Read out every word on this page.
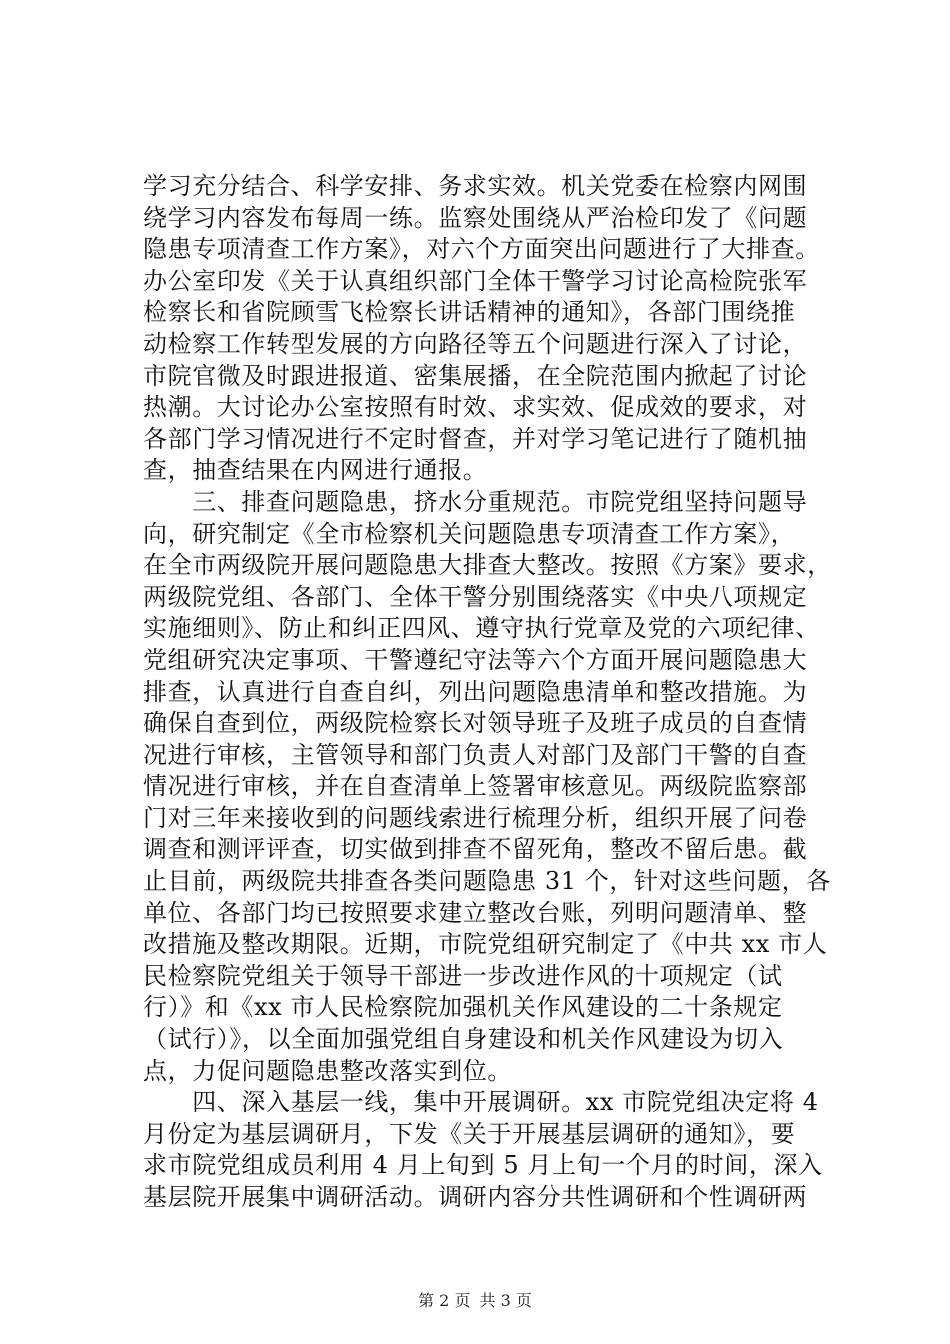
学习充分结合、科学安排、务求实效。机关党委在检察内网围
绕学习内容发布每周一练。监察处围绕从严治检印发了《问题
隐患专项清查工作方案》，对六个方面突出问题进行了大排查。
办公室印发《关于认真组织部门全体干警学习讨论高检院张军
检察长和省院顾雪飞检察长讲话精神的通知》，各部门围绕推
动检察工作转型发展的方向路径等五个问题进行深入了讨论，
市院官微及时跟进报道、密集展播，在全院范围内掀起了讨论
热潮。大讨论办公室按照有时效、求实效、促成效的要求，对
各部门学习情况进行不定时督查，并对学习笔记进行了随机抽
查，抽查结果在内网进行通报。
　　三、排查问题隐患，挤水分重规范。市院党组坚持问题导
向，研究制定《全市检察机关问题隐患专项清查工作方案》，
在全市两级院开展问题隐患大排查大整改。按照《方案》要求，
两级院党组、各部门、全体干警分别围绕落实《中央八项规定
实施细则》、防止和纠正四风、遵守执行党章及党的六项纪律、
党组研究决定事项、干警遵纪守法等六个方面开展问题隐患大
排查，认真进行自查自纠，列出问题隐患清单和整改措施。为
确保自查到位，两级院检察长对领导班子及班子成员的自查情
况进行审核，主管领导和部门负责人对部门及部门干警的自查
情况进行审核，并在自查清单上签署审核意见。两级院监察部
门对三年来接收到的问题线索进行梳理分析，组织开展了问卷
调查和测评评查，切实做到排查不留死角，整改不留后患。截
止目前，两级院共排查各类问题隐患 31 个，针对这些问题，各
单位、各部门均已按照要求建立整改台账，列明问题清单、整
改措施及整改期限。近期，市院党组研究制定了《中共 xx 市人
民检察院党组关于领导干部进一步改进作风的十项规定（试
行）》和《xx 市人民检察院加强机关作风建设的二十条规定
（试行）》，以全面加强党组自身建设和机关作风建设为切入
点，力促问题隐患整改落实到位。
　　四、深入基层一线，集中开展调研。xx 市院党组决定将 4
月份定为基层调研月，下发《关于开展基层调研的通知》，要
求市院党组成员利用 4 月上旬到 5 月上旬一个月的时间，深入
基层院开展集中调研活动。调研内容分共性调研和个性调研两
第 2 页 共 3 页
